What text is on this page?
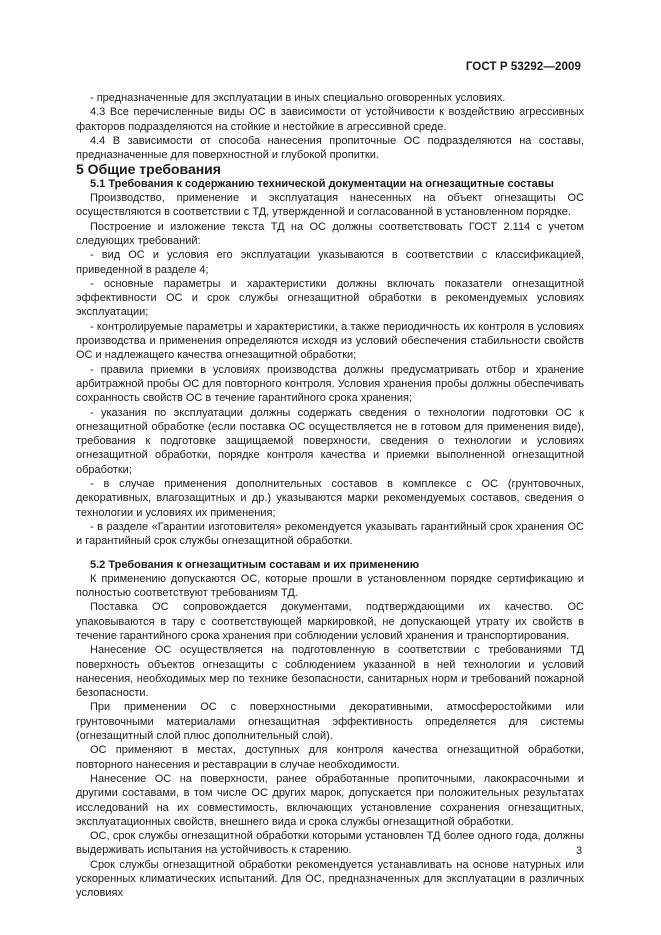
ГОСТ Р 53292—2009

- предназначенные для эксплуатации в иных специально оговоренных условиях.

4.3 Все перечисленные виды ОС в зависимости от устойчивости к воздействию агрессивных факторов подразделяются на стойкие и нестойкие в агрессивной среде.

4.4 В зависимости от способа нанесения пропиточные ОС подразделяются на составы, предназначенные для поверхностной и глубокой пропитки.

5 Общие требования

5.1 Требования к содержанию технической документации на огнезащитные составы

Производство, применение и эксплуатация нанесенных на объект огнезащиты ОС осуществляются в соответствии с ТД, утвержденной и согласованной в установленном порядке.

Построение и изложение текста ТД на ОС должны соответствовать ГОСТ 2.114 с учетом следующих требований:

- вид ОС и условия его эксплуатации указываются в соответствии с классификацией, приведенной в разделе 4;

- основные параметры и характеристики должны включать показатели огнезащитной эффективности ОС и срок службы огнезащитной обработки в рекомендуемых условиях эксплуатации;

- контролируемые параметры и характеристики, а также периодичность их контроля в условиях производства и применения определяются исходя из условий обеспечения стабильности свойств ОС и надлежащего качества огнезащитной обработки;

- правила приемки в условиях производства должны предусматривать отбор и хранение арбитражной пробы ОС для повторного контроля. Условия хранения пробы должны обеспечивать сохранность свойств ОС в течение гарантийного срока хранения;

- указания по эксплуатации должны содержать сведения о технологии подготовки ОС к огнезащитной обработке (если поставка ОС осуществляется не в готовом для применения виде), требования к подготовке защищаемой поверхности, сведения о технологии и условиях огнезащитной обработки, порядке контроля качества и приемки выполненной огнезащитной обработки;

- в случае применения дополнительных составов в комплексе с ОС (грунтовочных, декоративных, влагозащитных и др.) указываются марки рекомендуемых составов, сведения о технологии и условиях их применения;

- в разделе «Гарантии изготовителя» рекомендуется указывать гарантийный срок хранения ОС и гарантийный срок службы огнезащитной обработки.

5.2 Требования к огнезащитным составам и их применению

К применению допускаются ОС, которые прошли в установленном порядке сертификацию и полностью соответствуют требованиям ТД.

Поставка ОС сопровождается документами, подтверждающими их качество. ОС упаковываются в тару с соответствующей маркировкой, не допускающей утрату их свойств в течение гарантийного срока хранения при соблюдении условий хранения и транспортирования.

Нанесение ОС осуществляется на подготовленную в соответствии с требованиями ТД поверхность объектов огнезащиты с соблюдением указанной в ней технологии и условий нанесения, необходимых мер по технике безопасности, санитарных норм и требований пожарной безопасности.

При применении ОС с поверхностными декоративными, атмосферостойкими или грунтовочными материалами огнезащитная эффективность определяется для системы (огнезащитный слой плюс дополнительный слой).

ОС применяют в местах, доступных для контроля качества огнезащитной обработки, повторного нанесения и реставрации в случае необходимости.

Нанесение ОС на поверхности, ранее обработанные пропиточными, лакокрасочными и другими составами, в том числе ОС других марок, допускается при положительных результатах исследований на их совместимость, включающих установление сохранения огнезащитных, эксплуатационных свойств, внешнего вида и срока службы огнезащитной обработки.

ОС, срок службы огнезащитной обработки которыми установлен ТД более одного года, должны выдерживать испытания на устойчивость к старению.

Срок службы огнезащитной обработки рекомендуется устанавливать на основе натурных или ускоренных климатических испытаний. Для ОС, предназначенных для эксплуатации в различных условиях

3
